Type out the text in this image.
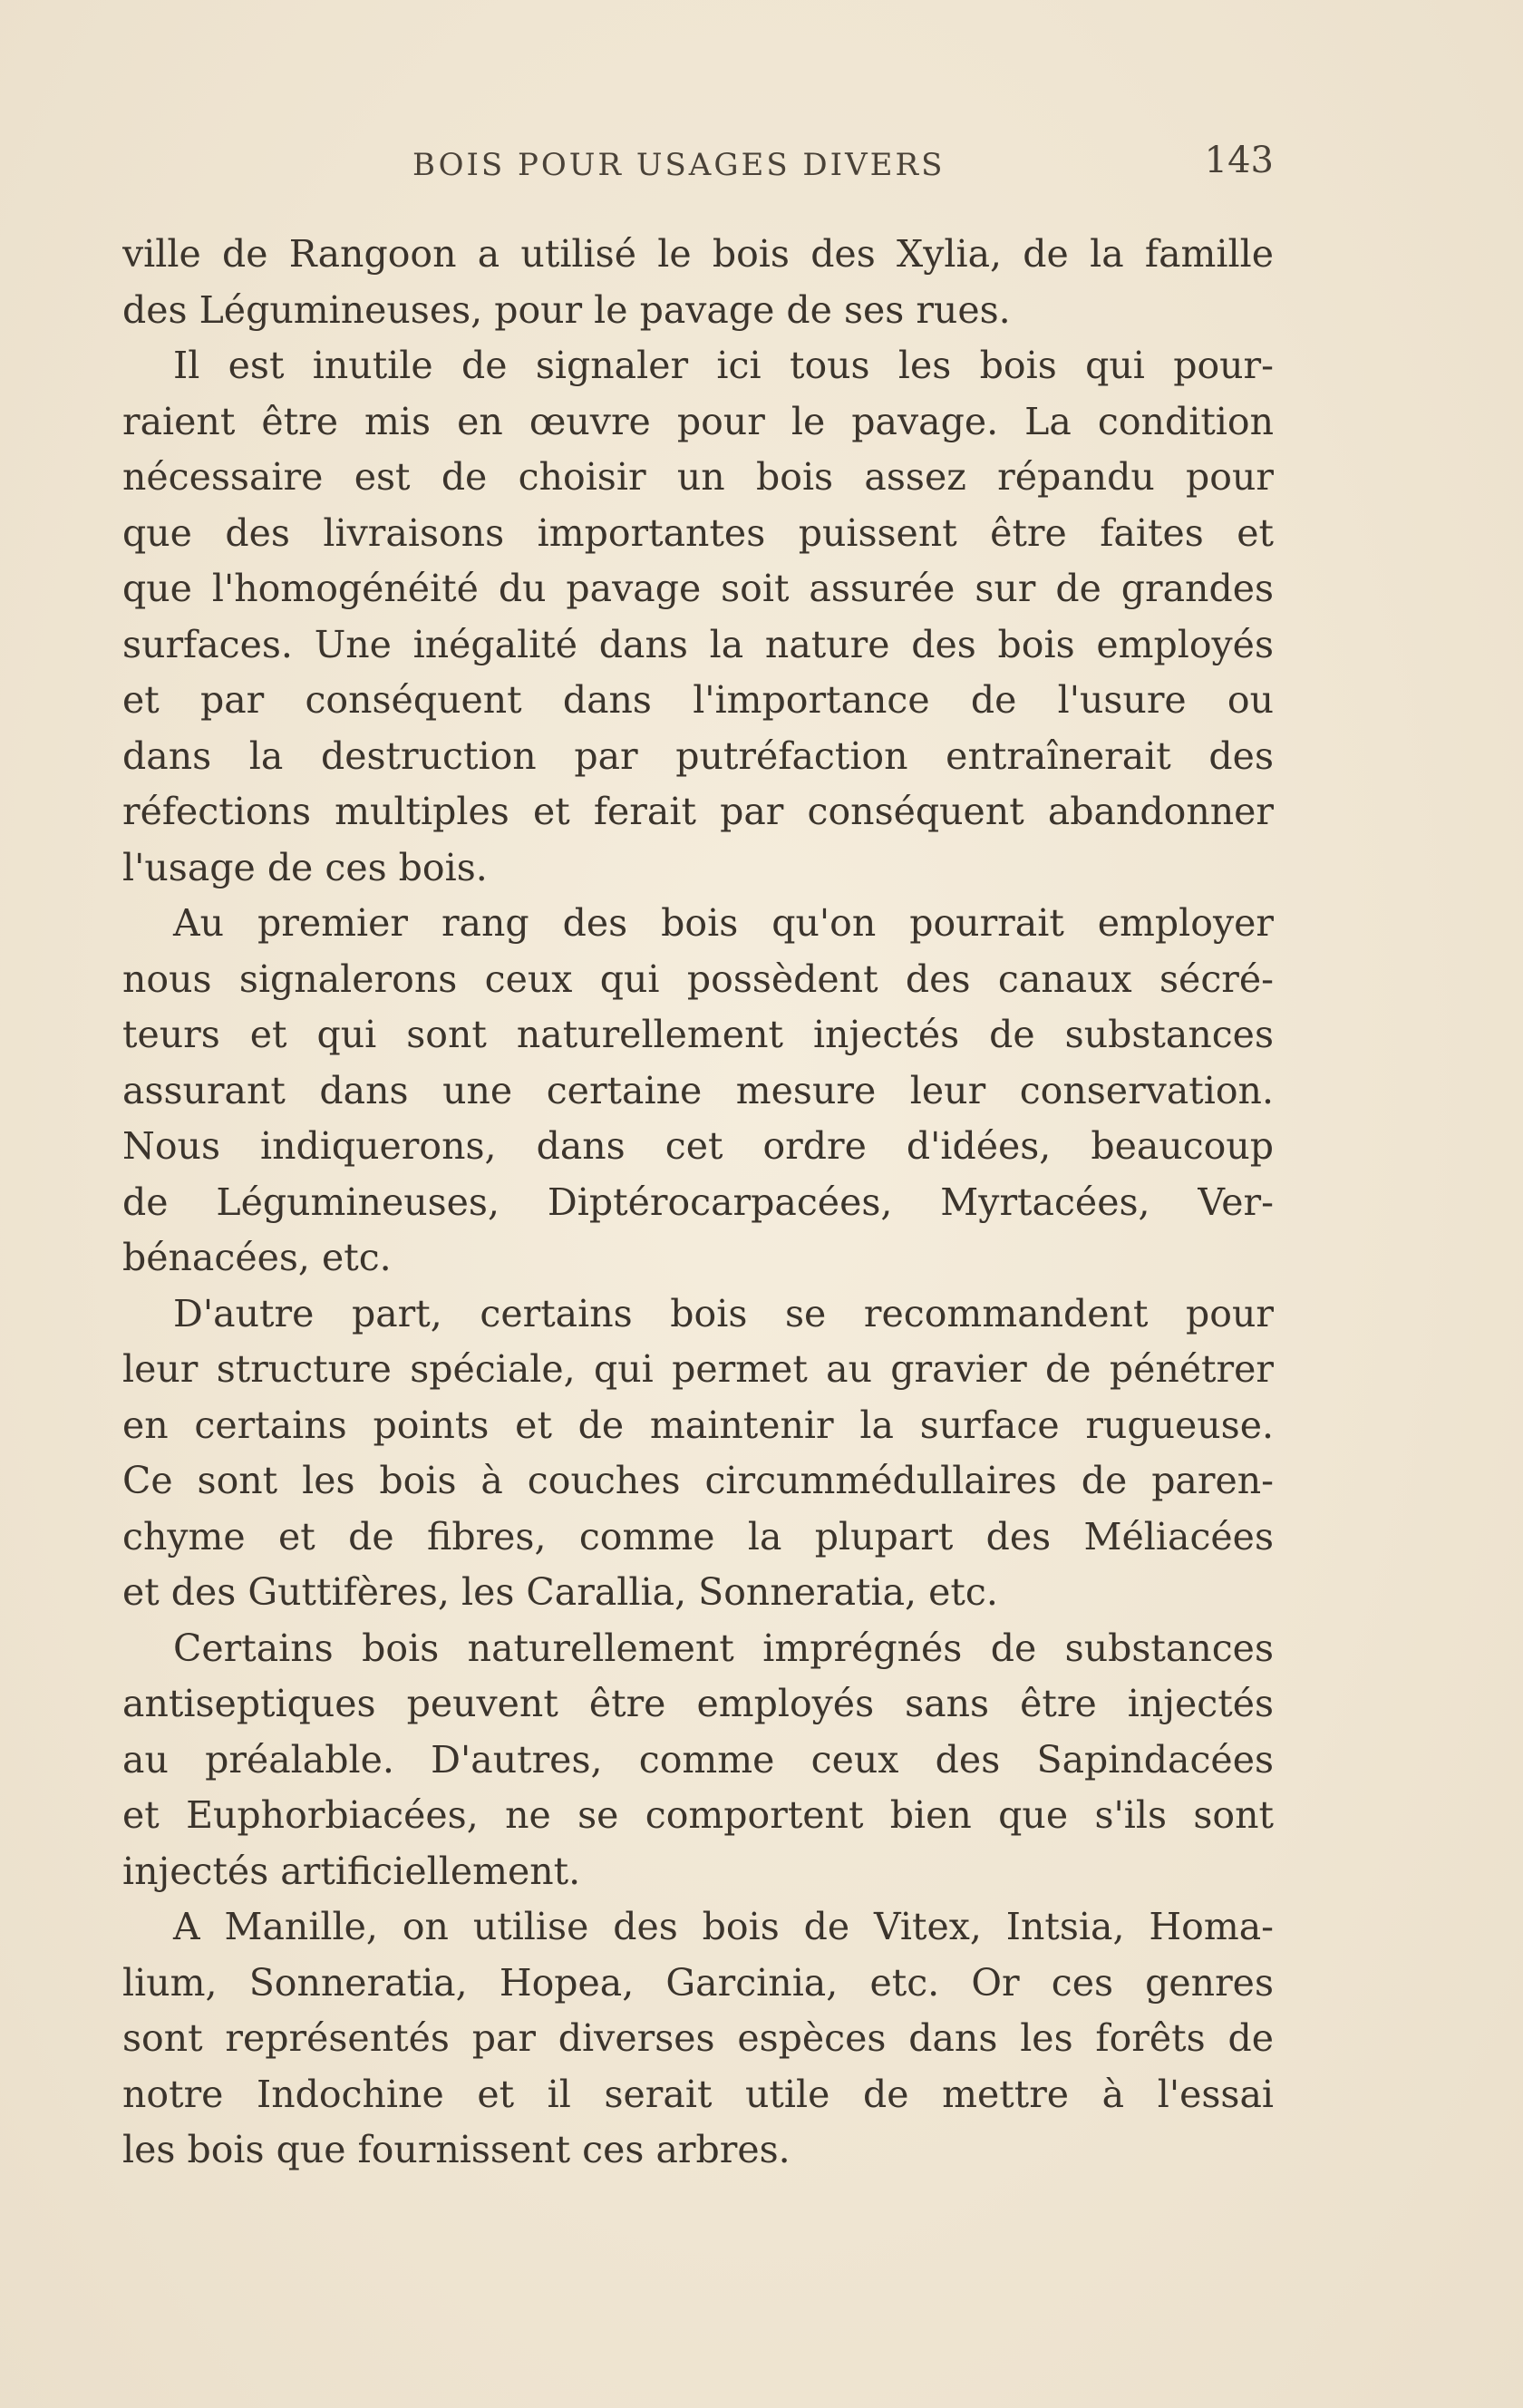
BOIS POUR USAGES DIVERS	143
ville de Rangoon a utilisé le bois des Xylia, de la famille
des Légumineuses, pour le pavage de ses rues.
Il est inutile de signaler ici tous les bois qui pour-
raient être mis en œuvre pour le pavage. La condition
nécessaire est de choisir un bois assez répandu pour
que des livraisons importantes puissent être faites et
que l'homogénéité du pavage soit assurée sur de grandes
surfaces. Une inégalité dans la nature des bois employés
et par conséquent dans l'importance de l'usure ou
dans la destruction par putréfaction entraînerait des
réfections multiples et ferait par conséquent abandonner
l'usage de ces bois.
Au premier rang des bois qu'on pourrait employer
nous signalerons ceux qui possèdent des canaux sécré-
teurs et qui sont naturellement injectés de substances
assurant dans une certaine mesure leur conservation.
Nous indiquerons, dans cet ordre d'idées, beaucoup
de Légumineuses, Diptérocarpacées, Myrtacées, Ver-
bénacées, etc.
D'autre part, certains bois se recommandent pour
leur structure spéciale, qui permet au gravier de pénétrer
en certains points et de maintenir la surface rugueuse.
Ce sont les bois à couches circummédullaires de paren-
chyme et de fibres, comme la plupart des Méliacées
et des Guttifères, les Carallia, Sonneratia, etc.
Certains bois naturellement imprégnés de substances
antiseptiques peuvent être employés sans être injectés
au préalable. D'autres, comme ceux des Sapindacées
et Euphorbiacées, ne se comportent bien que s'ils sont
injectés artificiellement.
A Manille, on utilise des bois de Vitex, Intsia, Homa-
lium, Sonneratia, Hopea, Garcinia, etc. Or ces genres
sont représentés par diverses espèces dans les forêts de
notre Indochine et il serait utile de mettre à l'essai
les bois que fournissent ces arbres.
